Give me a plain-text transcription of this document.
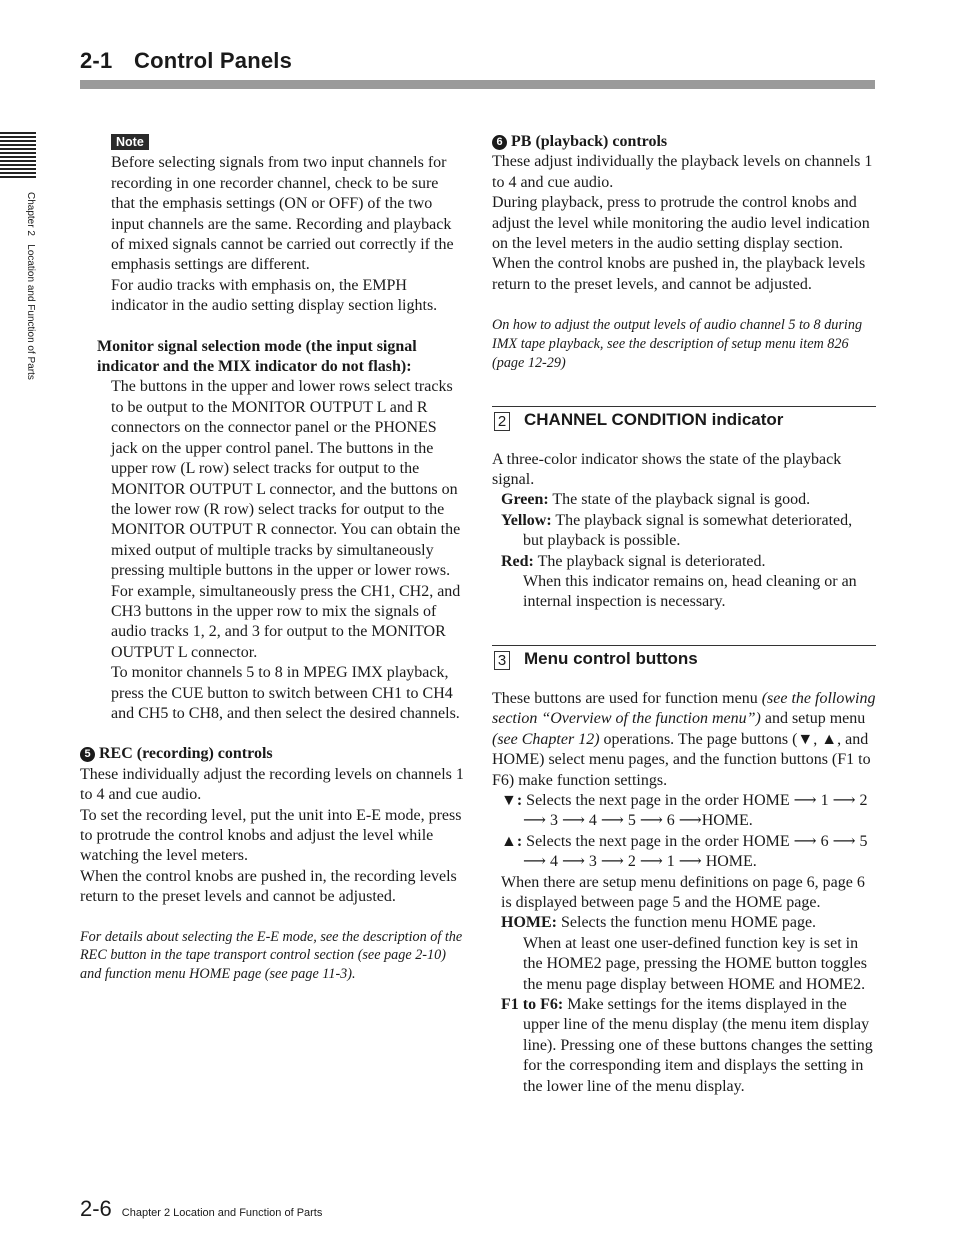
2-1 Control Panels
Chapter 2   Location and Function of Parts
Note

Before selecting signals from two input channels for recording in one recorder channel, check to be sure that the emphasis settings (ON or OFF) of the two input channels are the same. Recording and playback of mixed signals cannot be carried out correctly if the emphasis settings are different.

For audio tracks with emphasis on, the EMPH indicator in the audio setting display section lights.

Monitor signal selection mode (the input signal indicator and the MIX indicator do not flash):

The buttons in the upper and lower rows select tracks to be output to the MONITOR OUTPUT L and R connectors on the connector panel or the PHONES jack on the upper control panel. The buttons in the upper row (L row) select tracks for output to the MONITOR OUTPUT L connector, and the buttons on the lower row (R row) select tracks for output to the MONITOR OUTPUT R connector. You can obtain the mixed output of multiple tracks by simultaneously pressing multiple buttons in the upper or lower rows. For example, simultaneously press the CH1, CH2, and CH3 buttons in the upper row to mix the signals of audio tracks 1, 2, and 3 for output to the MONITOR OUTPUT L connector.

To monitor channels 5 to 8 in MPEG IMX playback, press the CUE button to switch between CH1 to CH4 and CH5 to CH8, and then select the desired channels.

5 REC (recording) controls

These individually adjust the recording levels on channels 1 to 4 and cue audio.

To set the recording level, put the unit into E-E mode, press to protrude the control knobs and adjust the level while watching the level meters.

When the control knobs are pushed in, the recording levels return to the preset levels and cannot be adjusted.

For details about selecting the E-E mode, see the description of the REC button in the tape transport control section (see page 2-10) and function menu HOME page (see page 11-3).

6 PB (playback) controls

These adjust individually the playback levels on channels 1 to 4 and cue audio.

During playback, press to protrude the control knobs and adjust the level while monitoring the audio level indication on the level meters in the audio setting display section.

When the control knobs are pushed in, the playback levels return to the preset levels, and cannot be adjusted.

On how to adjust the output levels of audio channel 5 to 8 during IMX tape playback, see the description of setup menu item 826 (page 12-29)

2 CHANNEL CONDITION indicator

A three-color indicator shows the state of the playback signal.

Green: The state of the playback signal is good.

Yellow: The playback signal is somewhat deteriorated, but playback is possible.

Red: The playback signal is deteriorated.

When this indicator remains on, head cleaning or an internal inspection is necessary.

3 Menu control buttons

These buttons are used for function menu (see the following section “Overview of the function menu”) and setup menu (see Chapter 12) operations. The page buttons (▼, ▲, and HOME) select menu pages, and the function buttons (F1 to F6) make function settings.

▼: Selects the next page in the order HOME ⟶ 1 ⟶ 2 ⟶ 3 ⟶ 4 ⟶ 5 ⟶ 6 ⟶HOME.

▲: Selects the next page in the order HOME ⟶ 6 ⟶ 5 ⟶ 4 ⟶ 3 ⟶ 2 ⟶ 1 ⟶ HOME.

When there are setup menu definitions on page 6, page 6 is displayed between page 5 and the HOME page.

HOME: Selects the function menu HOME page.

When at least one user-defined function key is set in the HOME2 page, pressing the HOME button toggles the menu page display between HOME and HOME2.

F1 to F6: Make settings for the items displayed in the upper line of the menu display (the menu item display line). Pressing one of these buttons changes the setting for the corresponding item and displays the setting in the lower line of the menu display.

2-6 Chapter 2 Location and Function of Parts
